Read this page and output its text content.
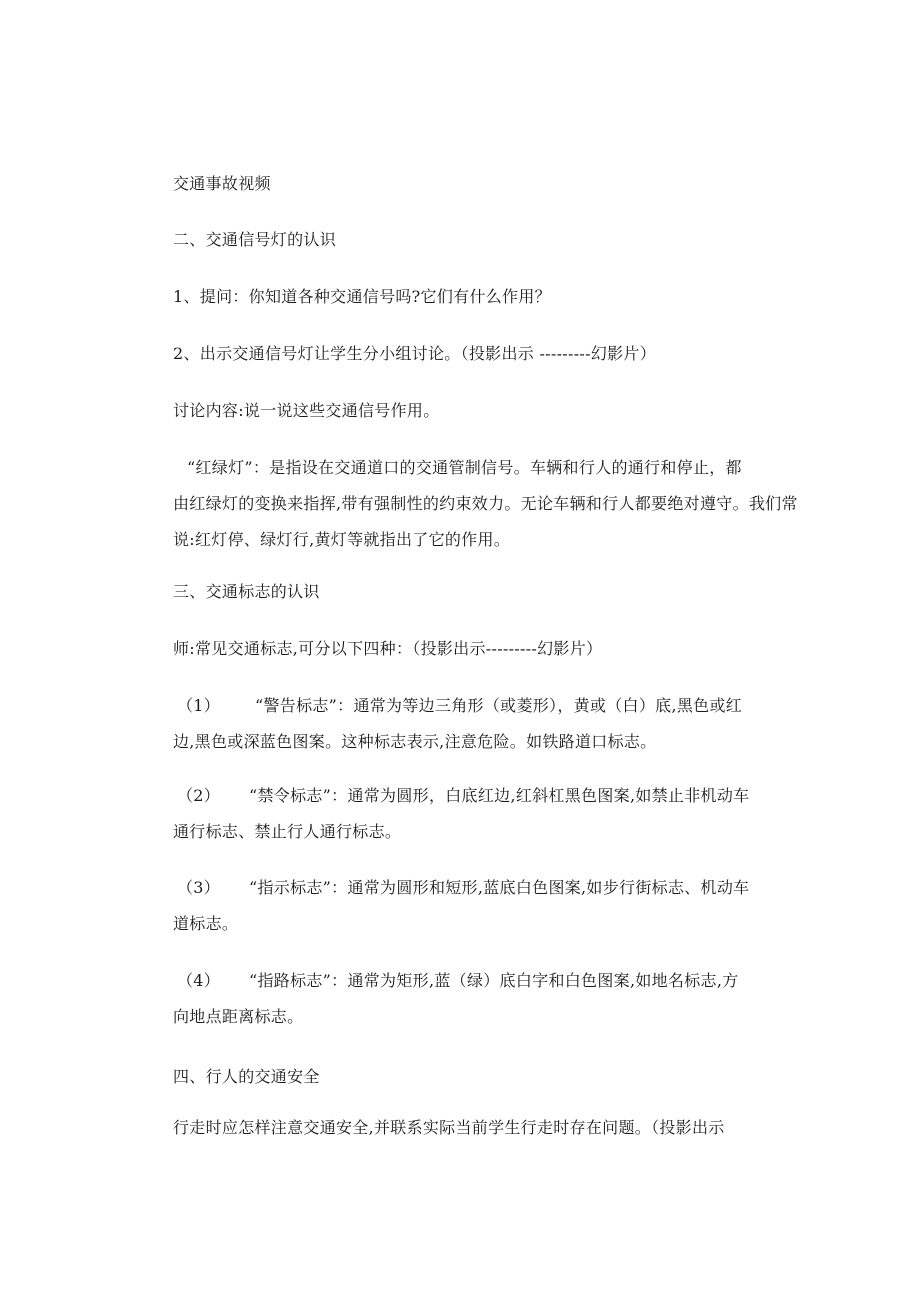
交通事故视频
二、交通信号灯的认识
1、提问：你知道各种交通信号吗?它们有什么作用？
2、出示交通信号灯让学生分小组讨论。（投影出示 ---------幻影片）
讨论内容:说一说这些交通信号作用。
“红绿灯”：是指设在交通道口的交通管制信号。车辆和行人的通行和停止，都
由红绿灯的变换来指挥,带有强制性的约束效力。无论车辆和行人都要绝对遵守。我们常
说:红灯停、绿灯行,黄灯等就指出了它的作用。
三、交通标志的认识
师:常见交通标志,可分以下四种：（投影出示---------幻影片）
（1） “警告标志”：通常为等边三角形（或菱形），黄或（白）底,黑色或红
边,黑色或深蓝色图案。这种标志表示,注意危险。如铁路道口标志。
（2） “禁令标志”：通常为圆形，白底红边,红斜杠黑色图案,如禁止非机动车
通行标志、禁止行人通行标志。
（3） “指示标志”：通常为圆形和短形,蓝底白色图案,如步行街标志、机动车
道标志。
（4） “指路标志”：通常为矩形,蓝（绿）底白字和白色图案,如地名标志,方
向地点距离标志。
四、行人的交通安全
行走时应怎样注意交通安全,并联系实际当前学生行走时存在问题。（投影出示
